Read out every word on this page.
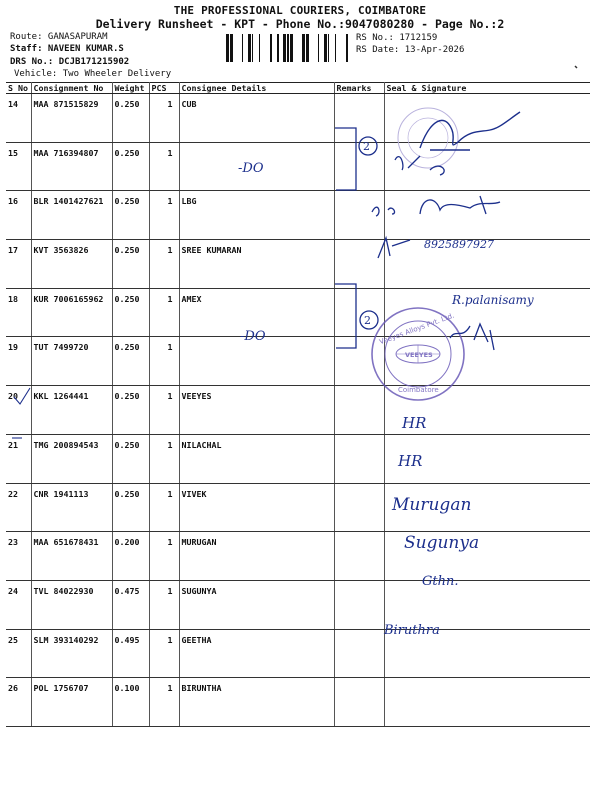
THE PROFESSIONAL COURIERS, COIMBATORE
Delivery Runsheet - KPT - Phone No.:9047080280 - Page No.:2
Route: GANASAPURAM
Staff: NAVEEN KUMAR.S
DRS No.: DCJB171215902
Vehicle: Two Wheeler Delivery
RS No.: 1712159
RS Date: 13-Apr-2026
S No	Consignment No	Weight	PCS	Consignee Details	Remarks	Seal & Signature
14	MAA 871515829	0.250	1	CUB		
15	MAA 716394807	0.250	1			
16	BLR 1401427621	0.250	1	LBG		
17	KVT 3563826	0.250	1	SREE KUMARAN		
18	KUR 7006165962	0.250	1	AMEX		
19	TUT 7499720	0.250	1			
20	KKL 1264441	0.250	1	VEEYES		
21	TMG 200894543	0.250	1	NILACHAL		
22	CNR 1941113	0.250	1	VIVEK		
23	MAA 651678431	0.200	1	MURUGAN		
24	TVL 84022930	0.475	1	SUGUNYA		
25	SLM 393140292	0.495	1	GEETHA		
26	POL 1756707	0.100	1	BIRUNTHA		
Veeyes Alloys Pvt. Ltd.
Coimbatore
VEEYES
2
2
-DO
-DO
8925897927
R.palanisamy
HR
HR
Murugan
Sugunya
Gthn.
Biruthra
